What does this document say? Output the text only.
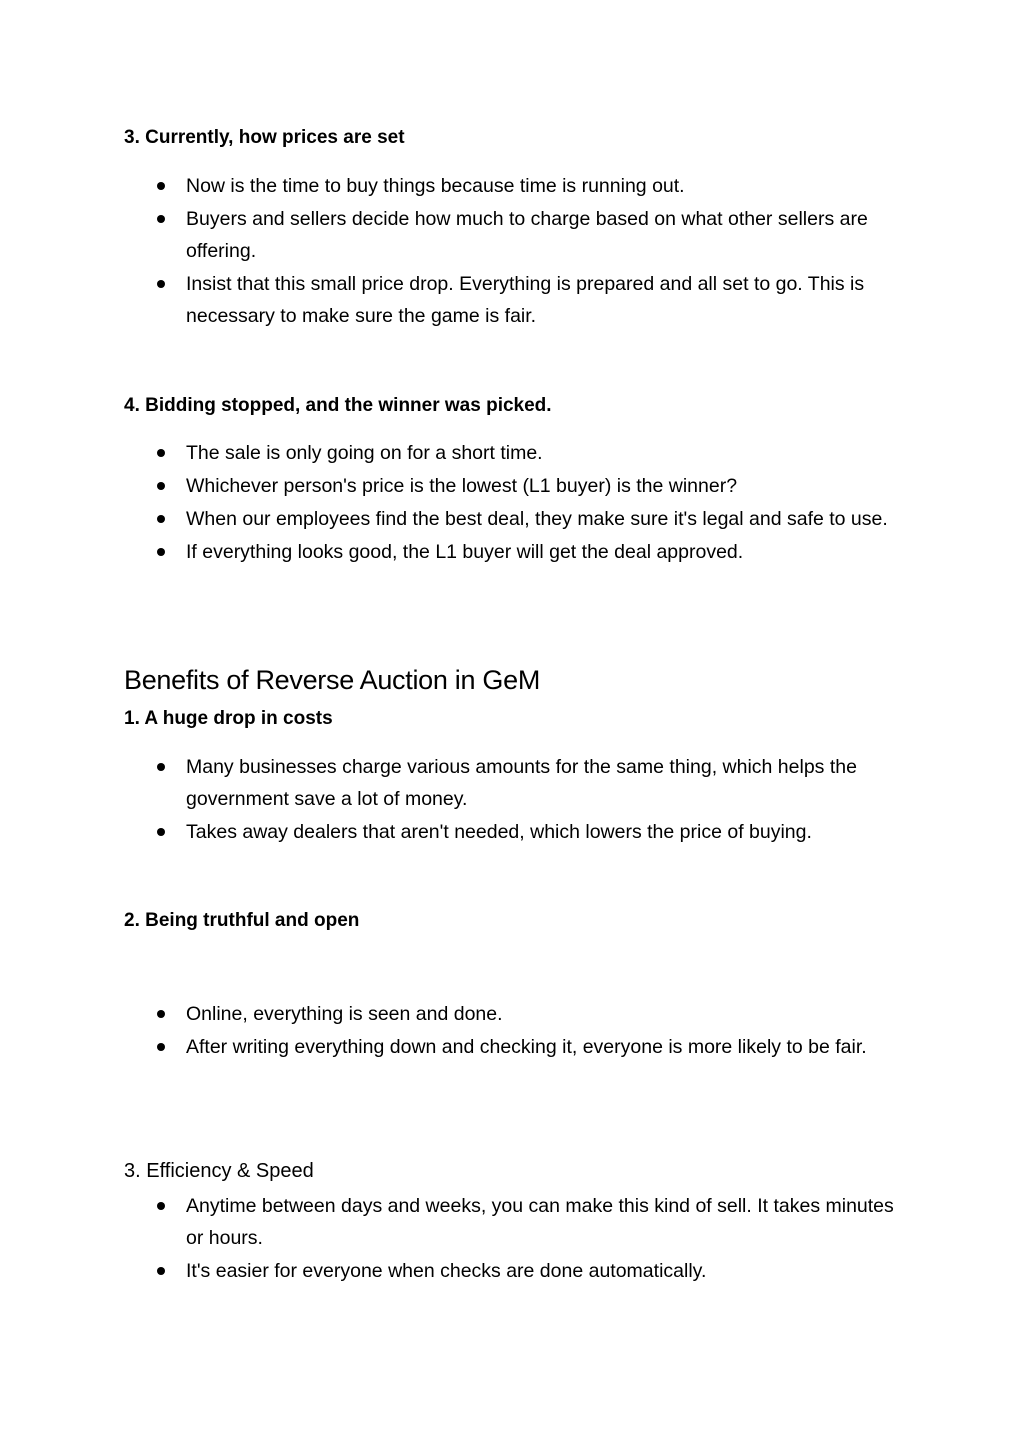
3. Currently, how prices are set
Now is the time to buy things because time is running out.
Buyers and sellers decide how much to charge based on what other sellers are offering.
Insist that this small price drop. Everything is prepared and all set to go. This is necessary to make sure the game is fair.
4. Bidding stopped, and the winner was picked.
The sale is only going on for a short time.
Whichever person's price is the lowest (L1 buyer) is the winner?
When our employees find the best deal, they make sure it's legal and safe to use.
If everything looks good, the L1 buyer will get the deal approved.
Benefits of Reverse Auction in GeM
1. A huge drop in costs
Many businesses charge various amounts for the same thing, which helps the government save a lot of money.
Takes away dealers that aren't needed, which lowers the price of buying.
2. Being truthful and open
Online, everything is seen and done.
After writing everything down and checking it, everyone is more likely to be fair.
3. Efficiency & Speed
Anytime between days and weeks, you can make this kind of sell. It takes minutes or hours.
It's easier for everyone when checks are done automatically.
